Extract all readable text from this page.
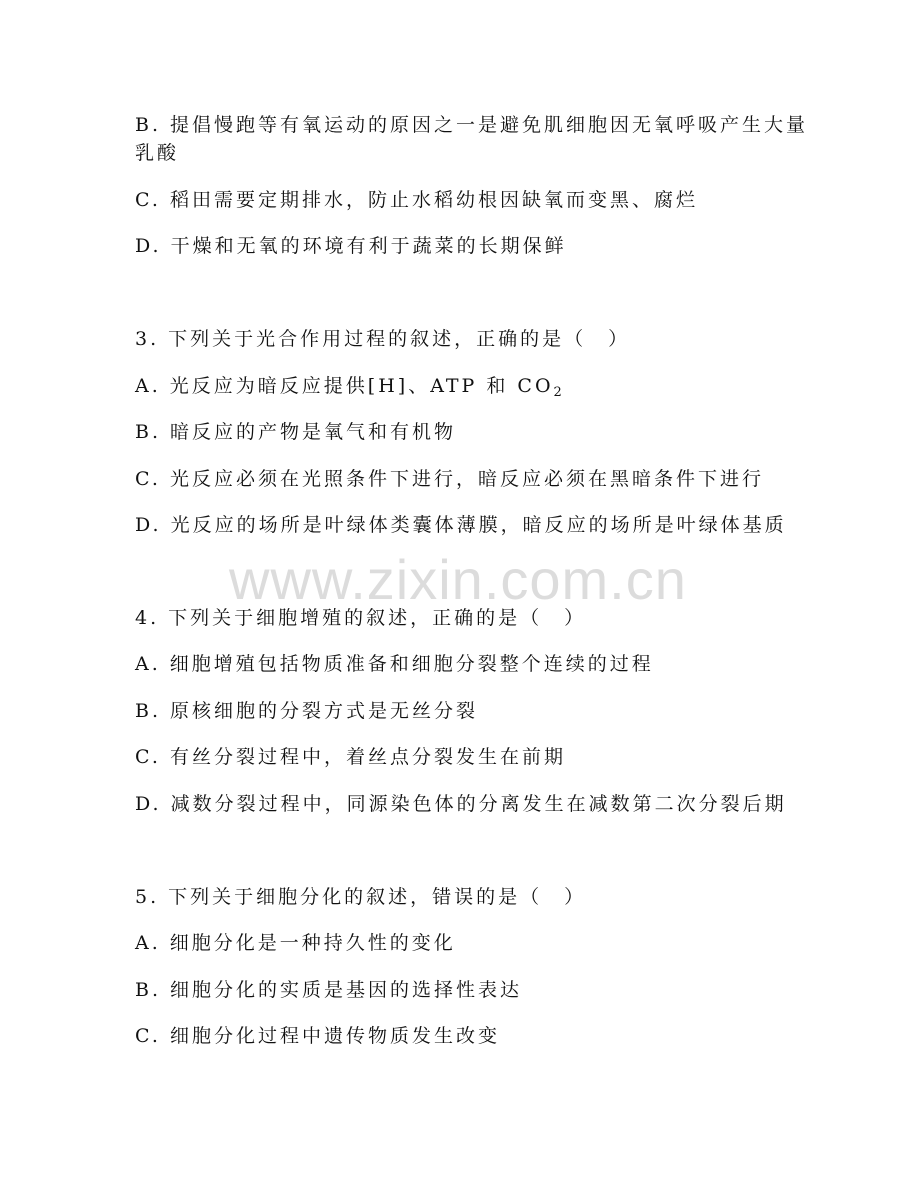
www.zixin.com.cn
B. 提倡慢跑等有氧运动的原因之一是避免肌细胞因无氧呼吸产生大量
乳酸
C. 稻田需要定期排水，防止水稻幼根因缺氧而变黑、腐烂
D. 干燥和无氧的环境有利于蔬菜的长期保鲜
3. 下列关于光合作用过程的叙述，正确的是（　）
A. 光反应为暗反应提供[H]、ATP 和 $CO_2$
B. 暗反应的产物是氧气和有机物
C. 光反应必须在光照条件下进行，暗反应必须在黑暗条件下进行
D. 光反应的场所是叶绿体类囊体薄膜，暗反应的场所是叶绿体基质
4. 下列关于细胞增殖的叙述，正确的是（　）
A. 细胞增殖包括物质准备和细胞分裂整个连续的过程
B. 原核细胞的分裂方式是无丝分裂
C. 有丝分裂过程中，着丝点分裂发生在前期
D. 减数分裂过程中，同源染色体的分离发生在减数第二次分裂后期
5. 下列关于细胞分化的叙述，错误的是（　）
A. 细胞分化是一种持久性的变化
B. 细胞分化的实质是基因的选择性表达
C. 细胞分化过程中遗传物质发生改变
